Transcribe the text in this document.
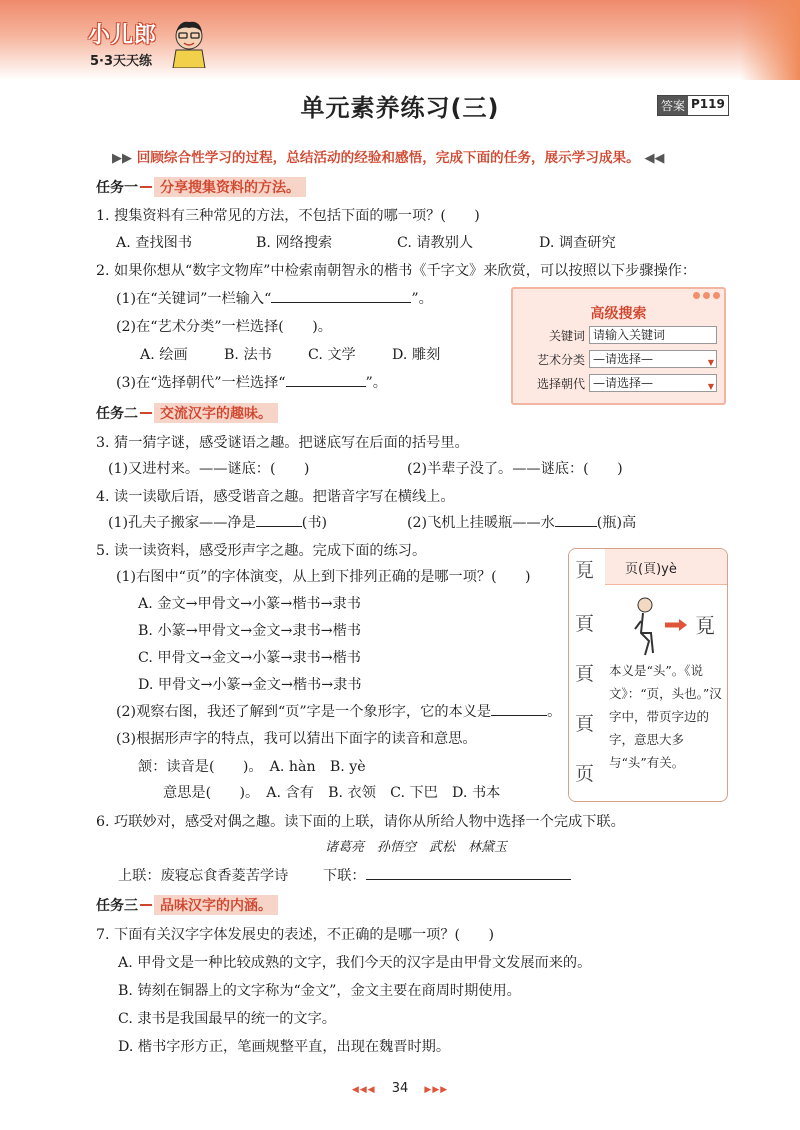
小儿郎
5·3天天练
单元素养练习(三)	答案 P119
▶▶ 回顾综合性学习的过程，总结活动的经验和感悟，完成下面的任务，展示学习成果。 ◀◀
任务一	分享搜集资料的方法。
1. 搜集资料有三种常见的方法，不包括下面的哪一项？(　　)
A. 查找图书	B. 网络搜索	C. 请教别人	D. 调查研究
2. 如果你想从“数字文物库”中检索南朝智永的楷书《千字文》来欣赏，可以按照以下步骤操作：
(1)在“关键词”一栏输入“	”。
(2)在“艺术分类”一栏选择(　　)。
A. 绘画	B. 法书	C. 文学	D. 雕刻
(3)在“选择朝代”一栏选择“	”。
高级搜索
关键词 请输入关键词
艺术分类 —请选择—	▼
选择朝代 —请选择—	▼
任务二	交流汉字的趣味。
3. 猜一猜字谜，感受谜语之趣。把谜底写在后面的括号里。
(1)又进村来。——谜底：(　　)	(2)半辈子没了。——谜底：(　　)
4. 读一读歇后语，感受谐音之趣。把谐音字写在横线上。
(1)孔夫子搬家——净是	(书)	(2)飞机上挂暖瓶——水	(瓶)高
5. 读一读资料，感受形声字之趣。完成下面的练习。
(1)右图中“页”的字体演变，从上到下排列正确的是哪一项？(　　)
A. 金文→甲骨文→小篆→楷书→隶书
B. 小篆→甲骨文→金文→隶书→楷书
C. 甲骨文→金文→小篆→隶书→楷书
D. 甲骨文→小篆→金文→楷书→隶书
(2)观察右图，我还了解到“页”字是一个象形字，它的本义是	。
(3)根据形声字的特点，我可以猜出下面字的读音和意思。
颔：读音是(　　)。　A. hàn　B. yè
意思是(　　)。　A. 含有　B. 衣领　C. 下巴　D. 书本
𩑋
頁
頁
頁
页
页(頁)yè
𩑋
本义是“头”。《说文》：“页，头也。”汉字中，带页字边的字，意思大多与“头”有关。
6. 巧联妙对，感受对偶之趣。读下面的上联，请你从所给人物中选择一个完成下联。
诸葛亮　孙悟空　武松　林黛玉
上联：废寝忘食香菱苦学诗 下联：
任务三	品味汉字的内涵。
7. 下面有关汉字字体发展史的表述，不正确的是哪一项？(　　)
A. 甲骨文是一种比较成熟的文字，我们今天的汉字是由甲骨文发展而来的。
B. 铸刻在铜器上的文字称为“金文”，金文主要在商周时期使用。
C. 隶书是我国最早的统一的文字。
D. 楷书字形方正，笔画规整平直，出现在魏晋时期。
◀◀◀ 34 ▶▶▶
